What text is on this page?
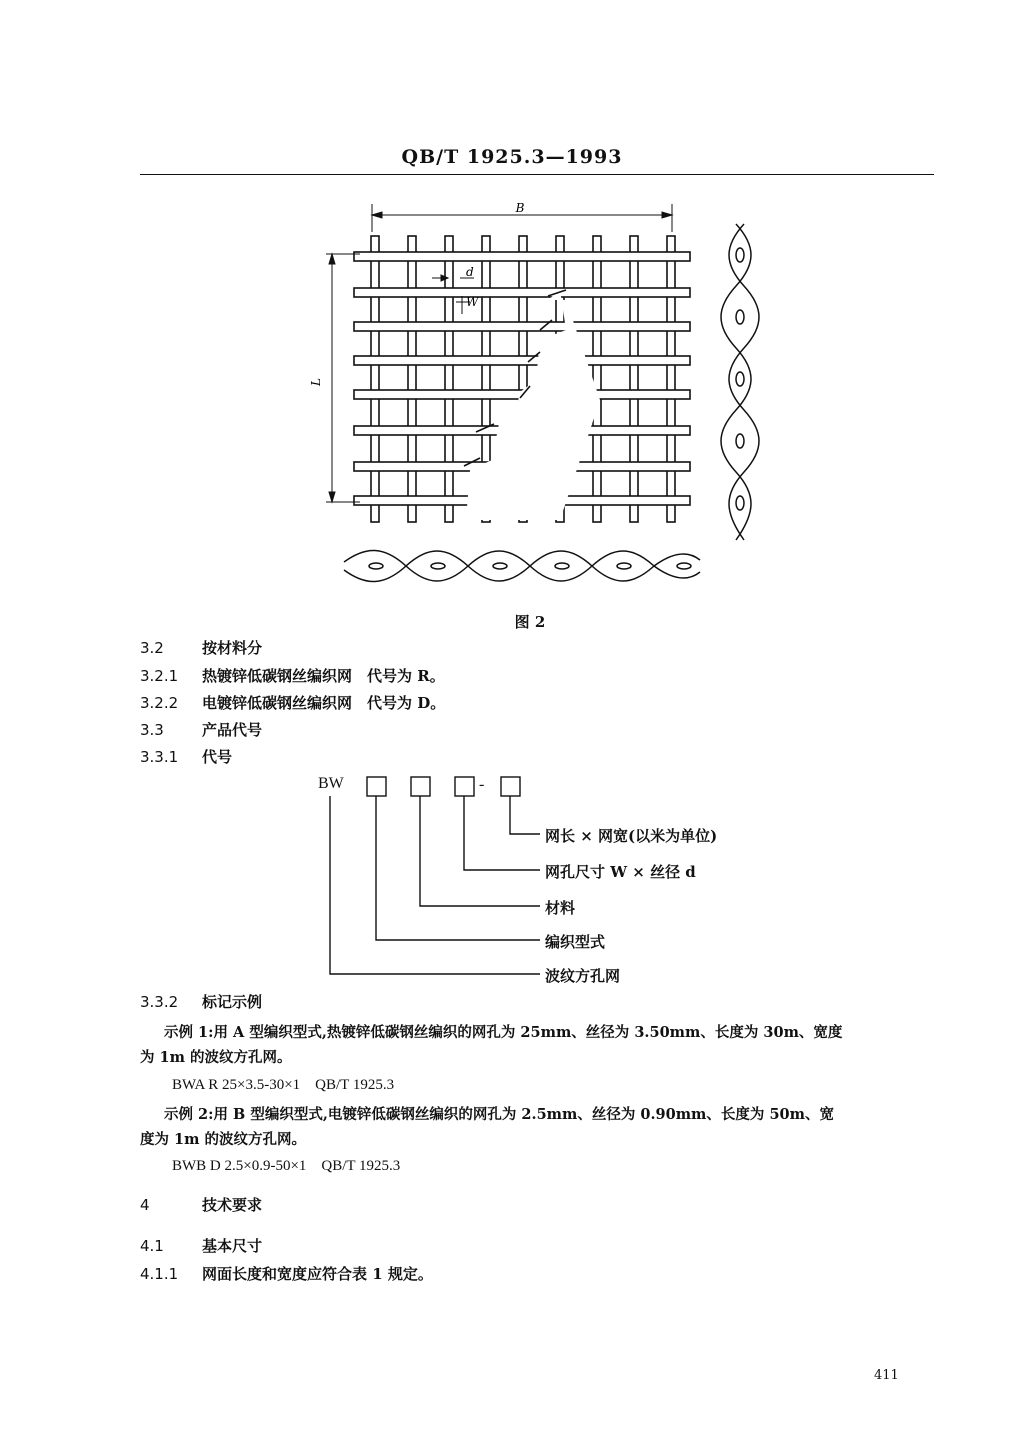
QB/T 1925.3—1993
B
L
d
W
图 2
3.2	按材料分
3.2.1 热镀锌低碳钢丝编织网　代号为 R。
3.2.2 电镀锌低碳钢丝编织网　代号为 D。
3.3	产品代号
3.3.1 代号
BW	-
网长 × 网宽(以米为单位)
网孔尺寸 W × 丝径 d
材料
编织型式
波纹方孔网
3.3.2 标记示例
示例 1:用 A 型编织型式,热镀锌低碳钢丝编织的网孔为 25mm、丝径为 3.50mm、长度为 30m、宽度
为 1m 的波纹方孔网。
BWA R 25×3.5-30×1　QB/T 1925.3
示例 2:用 B 型编织型式,电镀锌低碳钢丝编织的网孔为 2.5mm、丝径为 0.90mm、长度为 50m、宽
度为 1m 的波纹方孔网。
BWB D 2.5×0.9-50×1　QB/T 1925.3
4	技术要求
4.1	基本尺寸
4.1.1 网面长度和宽度应符合表 1 规定。
411
